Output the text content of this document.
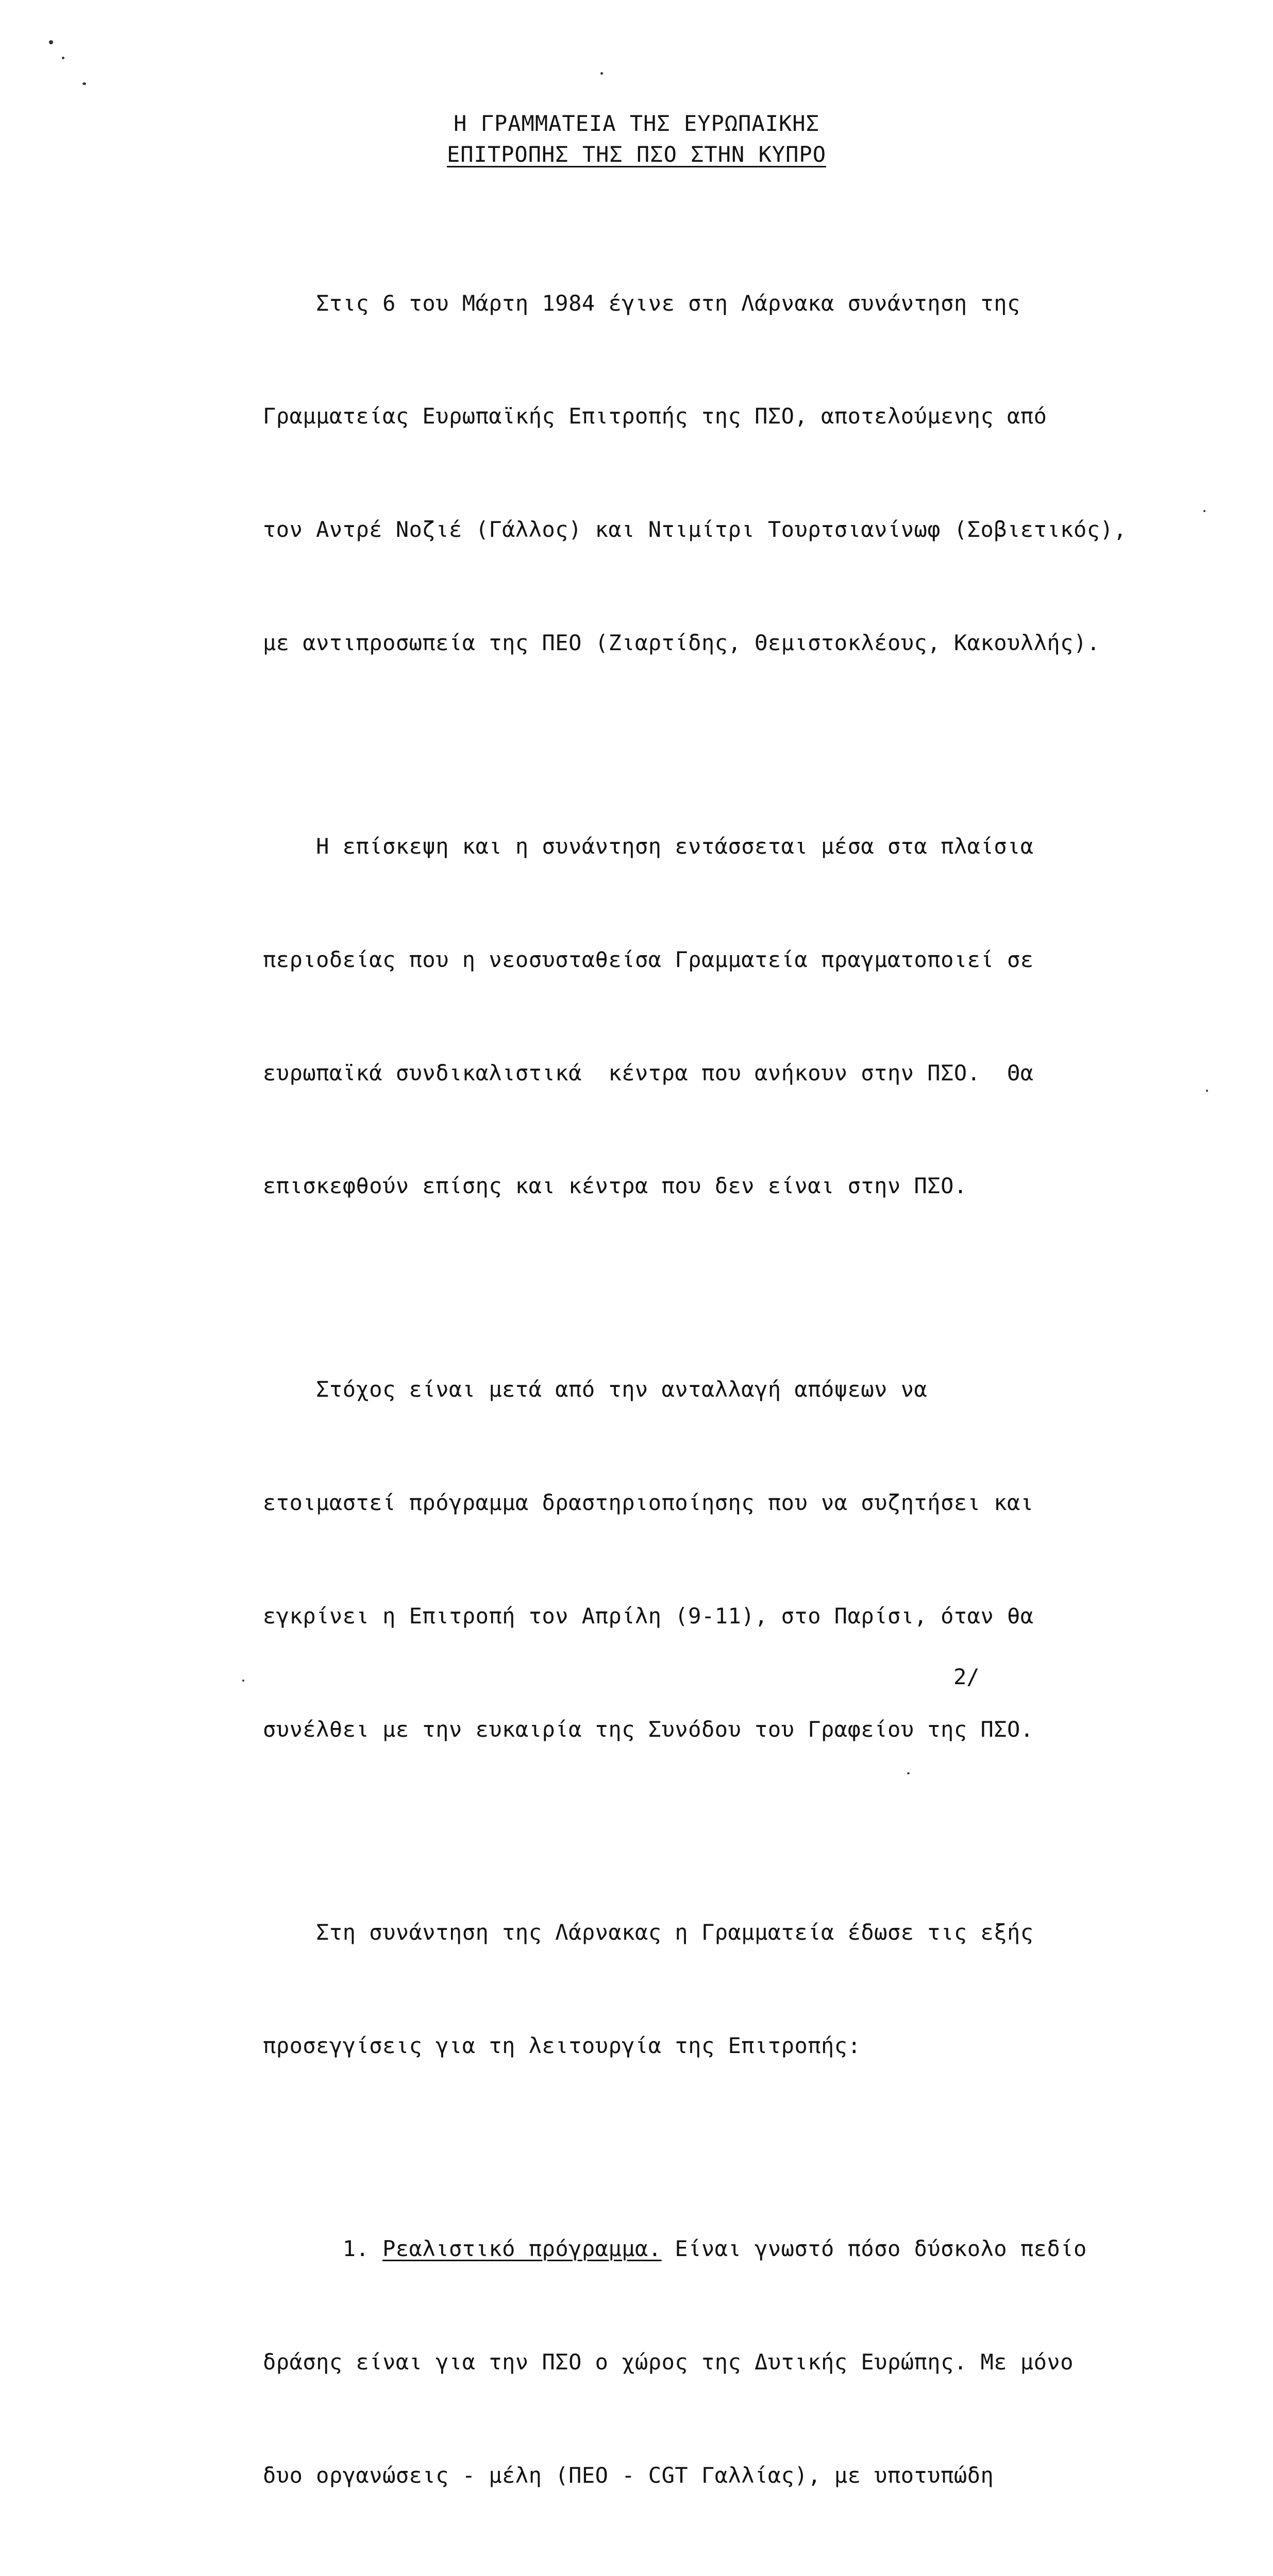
Η ΓΡΑΜΜΑΤΕΙΑ ΤΗΣ ΕΥΡΩΠΑΙΚΗΣ
ΕΠΙΤΡΟΠΗΣ ΤΗΣ ΠΣΟ ΣΤΗΝ ΚΥΠΡΟ

Στις 6 του Μάρτη 1984 έγινε στη Λάρνακα συνάντηση της

Γραμματείας Ευρωπαϊκής Επιτροπής της ΠΣΟ, αποτελούμενης από

τον Αντρέ Νοζιέ (Γάλλος) και Ντιμίτρι Τουρτσιανίνωφ (Σοβιετικός),

με αντιπροσωπεία της ΠΕΟ (Ζιαρτίδης, Θεμιστοκλέους, Κακουλλής).

Η επίσκεψη και η συνάντηση εντάσσεται μέσα στα πλαίσια

περιοδείας που η νεοσυσταθείσα Γραμματεία πραγματοποιεί σε

ευρωπαϊκά συνδικαλιστικά  κέντρα που ανήκουν στην ΠΣΟ.  Θα

επισκεφθούν επίσης και κέντρα που δεν είναι στην ΠΣΟ.

Στόχος είναι μετά από την ανταλλαγή απόψεων να

ετοιμαστεί πρόγραμμα δραστηριοποίησης που να συζητήσει και

εγκρίνει η Επιτροπή τον Απρίλη (9-11), στο Παρίσι, όταν θα

συνέλθει με την ευκαιρία της Συνόδου του Γραφείου της ΠΣΟ.

Στη συνάντηση της Λάρνακας η Γραμματεία έδωσε τις εξής

προσεγγίσεις για τη λειτουργία της Επιτροπής:

1. Ρεαλιστικό πρόγραμμα. Είναι γνωστό πόσο δύσκολο πεδίο

δράσης είναι για την ΠΣΟ ο χώρος της Δυτικής Ευρώπης. Με μόνο

δυο οργανώσεις - μέλη (ΠΕΟ - CGT Γαλλίας), με υποτυπώδη

2/
